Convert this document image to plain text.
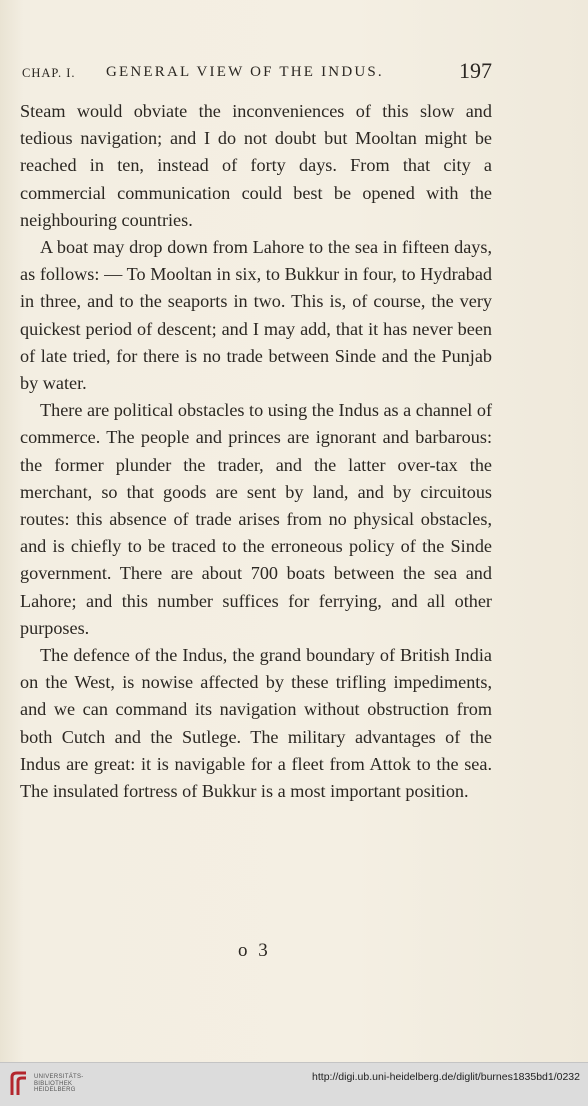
CHAP. I. GENERAL VIEW OF THE INDUS.	197

Steam would obviate the inconveniences of this slow and tedious navigation; and I do not doubt but Mooltan might be reached in ten, instead of forty days. From that city a commercial communication could best be opened with the neighbouring countries.

A boat may drop down from Lahore to the sea in fifteen days, as follows: — To Mooltan in six, to Bukkur in four, to Hydrabad in three, and to the seaports in two. This is, of course, the very quickest period of descent; and I may add, that it has never been of late tried, for there is no trade between Sinde and the Punjab by water.

There are political obstacles to using the Indus as a channel of commerce. The people and princes are ignorant and barbarous: the former plunder the trader, and the latter over-tax the merchant, so that goods are sent by land, and by circuitous routes: this absence of trade arises from no physical obstacles, and is chiefly to be traced to the erroneous policy of the Sinde government. There are about 700 boats between the sea and Lahore; and this number suffices for ferrying, and all other purposes.

The defence of the Indus, the grand boundary of British India on the West, is nowise affected by these trifling impediments, and we can command its navigation without obstruction from both Cutch and the Sutlege. The military advantages of the Indus are great: it is navigable for a fleet from Attok to the sea. The insulated fortress of Bukkur is a most important position.

o 3
UNIVERSITÄTS-
BIBLIOTHEK
HEIDELBERG
http://digi.ub.uni-heidelberg.de/diglit/burnes1835bd1/0232
